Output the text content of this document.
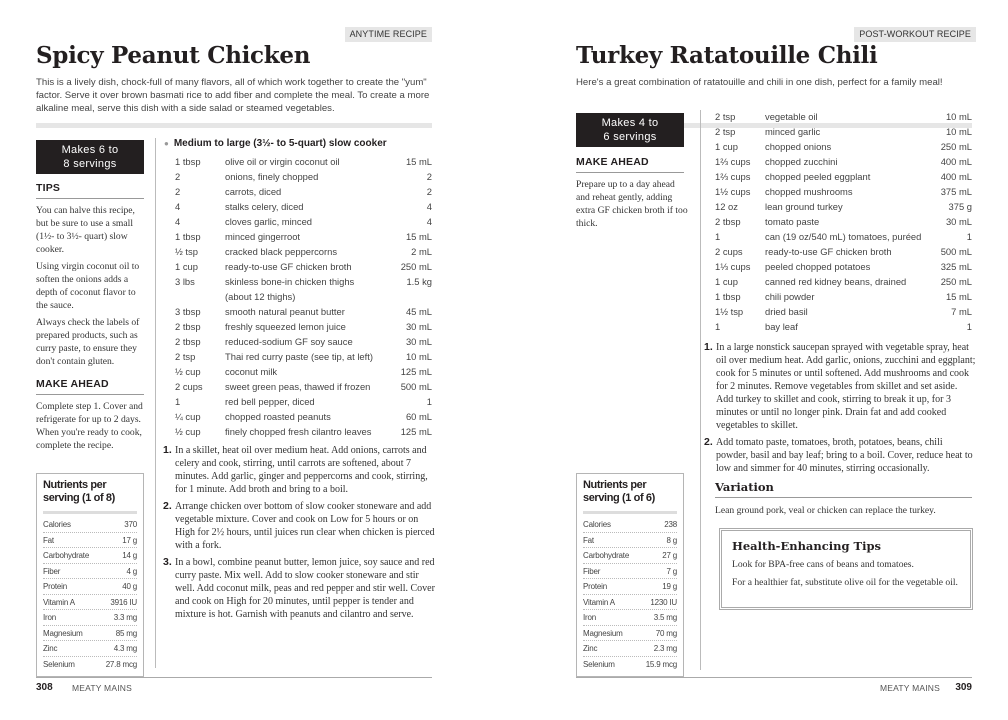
ANYTIME RECIPE
Spicy Peanut Chicken

This is a lively dish, chock-full of many flavors, all of which work together to create the "yum" factor. Serve it over brown basmati rice to add fiber and complete the meal. To create a more alkaline meal, serve this dish with a side salad or steamed vegetables.

Makes 6 to
8 servings
TIPS

You can halve this recipe, but be sure to use a small (1½- to 3½- quart) slow cooker.

Using virgin coconut oil to soften the onions adds a depth of coconut flavor to the sauce.

Always check the labels of prepared products, such as curry paste, to ensure they don't contain gluten.

MAKE AHEAD
Complete step 1. Cover and refrigerate for up to 2 days. When you're ready to cook, complete the recipe.
Nutrients per serving (1 of 8)
Calories	370
Fat	17 g
Carbohydrate	14 g
Fiber	4 g
Protein	40 g
Vitamin A	3916 IU
Iron	3.3 mg
Magnesium	85 mg
Zinc	4.3 mg
Selenium	27.8 mcg
● Medium to large (3½- to 5-quart) slow cooker
1 tbsp	olive oil or virgin coconut oil	15 mL
2	onions, finely chopped	2
2	carrots, diced	2
4	stalks celery, diced	4
4	cloves garlic, minced	4
1 tbsp	minced gingerroot	15 mL
½ tsp	cracked black peppercorns	2 mL
1 cup	ready-to-use GF chicken broth	250 mL
3 lbs	skinless bone-in chicken thighs	1.5 kg
(about 12 thighs)
3 tbsp	smooth natural peanut butter	45 mL
2 tbsp	freshly squeezed lemon juice	30 mL
2 tbsp	reduced-sodium GF soy sauce	30 mL
2 tsp	Thai red curry paste (see tip, at left)	10 mL
½ cup	coconut milk	125 mL
2 cups	sweet green peas, thawed if frozen	500 mL
1	red bell pepper, diced	1
¼ cup	chopped roasted peanuts	60 mL
½ cup	finely chopped fresh cilantro leaves	125 mL
1. In a skillet, heat oil over medium heat. Add onions, carrots and celery and cook, stirring, until carrots are softened, about 7 minutes. Add garlic, ginger and peppercorns and cook, stirring, for 1 minute. Add broth and bring to a boil.
2. Arrange chicken over bottom of slow cooker stoneware and add vegetable mixture. Cover and cook on Low for 5 hours or on High for 2½ hours, until juices run clear when chicken is pierced with a fork.
3. In a bowl, combine peanut butter, lemon juice, soy sauce and red curry paste. Mix well. Add to slow cooker stoneware and stir well. Add coconut milk, peas and red pepper and stir well. Cover and cook on High for 20 minutes, until pepper is tender and mixture is hot. Garnish with peanuts and cilantro and serve.
308 MEATY MAINS
POST-WORKOUT RECIPE
Turkey Ratatouille Chili

Here's a great combination of ratatouille and chili in one dish, perfect for a family meal!

Makes 4 to
6 servings
MAKE AHEAD
Prepare up to a day ahead and reheat gently, adding extra GF chicken broth if too thick.
Nutrients per serving (1 of 6)
Calories	238
Fat	8 g
Carbohydrate	27 g
Fiber	7 g
Protein	19 g
Vitamin A	1230 IU
Iron	3.5 mg
Magnesium	70 mg
Zinc	2.3 mg
Selenium	15.9 mcg
2 tsp	vegetable oil	10 mL
2 tsp	minced garlic	10 mL
1 cup	chopped onions	250 mL
1⅔ cups	chopped zucchini	400 mL
1⅔ cups	chopped peeled eggplant	400 mL
1½ cups	chopped mushrooms	375 mL
12 oz	lean ground turkey	375 g
2 tbsp	tomato paste	30 mL
1	can (19 oz/540 mL) tomatoes, puréed	1
2 cups	ready-to-use GF chicken broth	500 mL
1⅓ cups	peeled chopped potatoes	325 mL
1 cup	canned red kidney beans, drained	250 mL
1 tbsp	chili powder	15 mL
1½ tsp	dried basil	7 mL
1	bay leaf	1
1. In a large nonstick saucepan sprayed with vegetable spray, heat oil over medium heat. Add garlic, onions, zucchini and eggplant; cook for 5 minutes or until softened. Add mushrooms and cook for 2 minutes. Remove vegetables from skillet and set aside. Add turkey to skillet and cook, stirring to break it up, for 3 minutes or until no longer pink. Drain fat and add cooked vegetables to skillet.
2. Add tomato paste, tomatoes, broth, potatoes, beans, chili powder, basil and bay leaf; bring to a boil. Cover, reduce heat to low and simmer for 40 minutes, stirring occasionally.
Variation
Lean ground pork, veal or chicken can replace the turkey.
Health-Enhancing Tips

Look for BPA-free cans of beans and tomatoes.

For a healthier fat, substitute olive oil for the vegetable oil.

MEATY MAINS 309
